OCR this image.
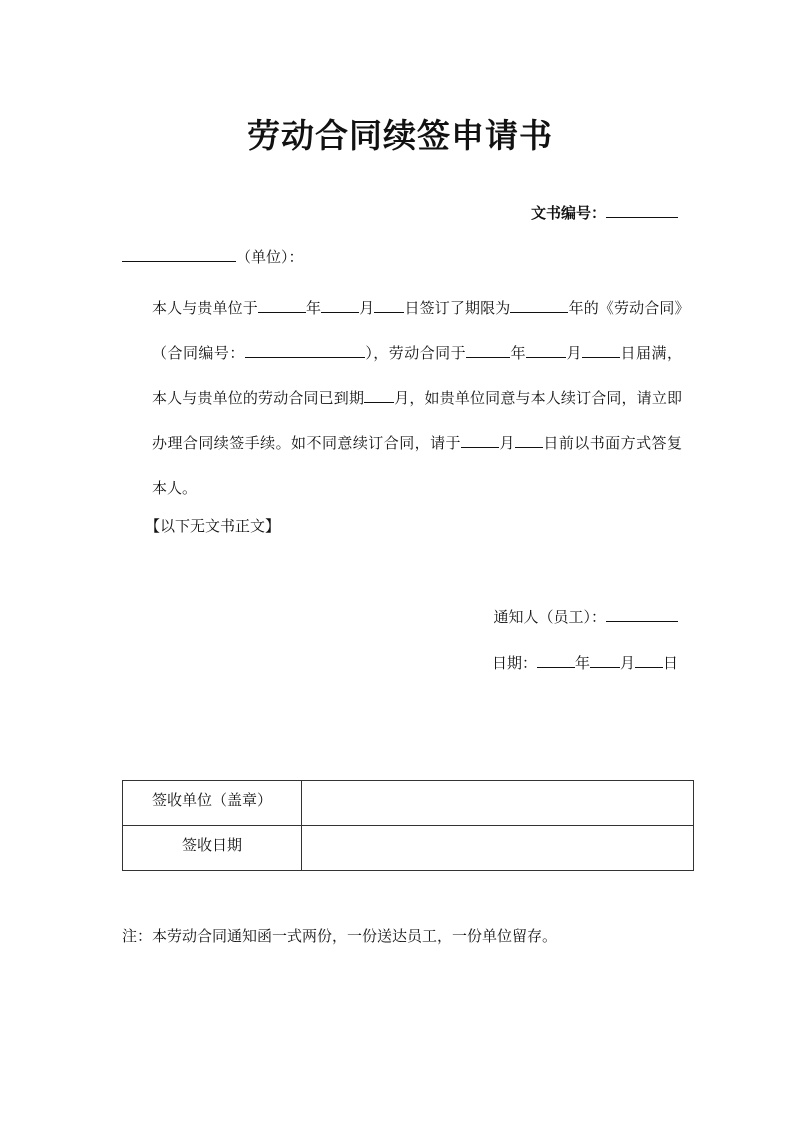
劳动合同续签申请书
文书编号：
（单位）：

本人与贵单位于	年	月 日签订了期限为	年的《劳动合同》（合同编号：	），劳动合同于	年	月	日届满，本人与贵单位的劳动合同已到期 月，如贵单位同意与本人续订合同，请立即办理合同续签手续。如不同意续订合同，请于	月 日前以书面方式答复本人。

【以下无文书正文】
通知人（员工）：
日期：	年 月 日
签收单位（盖章）	
签收日期	
注：本劳动合同通知函一式两份，一份送达员工，一份单位留存。
